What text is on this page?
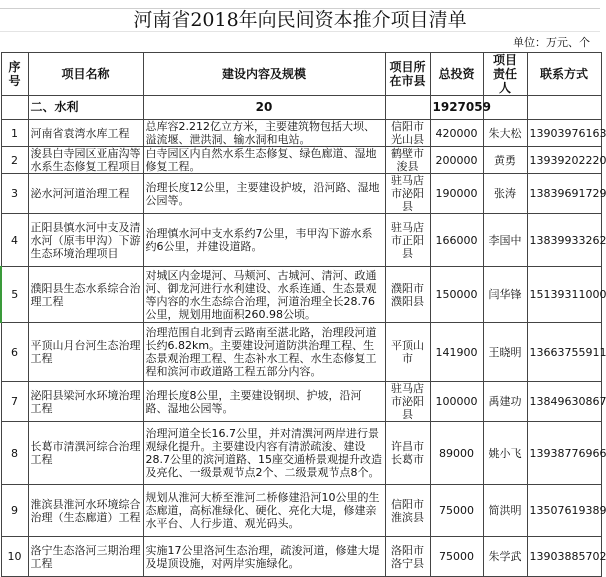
河南省2018年向民间资本推介项目清单
单位：万元、个
序号	项目名称	建设内容及规模	项目所在市县	总投资	项目责任人	联系方式
	二、水利	20		1927059		
1	河南省袁湾水库工程	总库容2.212亿立方米，主要建筑物包括大坝、溢流堰、泄洪洞、输水洞和电站。	信阳市光山县	420000	朱大松	13903976163
2	浚县白寺园区亚庙沟等水系生态修复工程项目	白寺园区内自然水系生态修复、绿色廊道、湿地修复工程。	鹤壁市浚县	200000	黄勇	13939202220
3	泌水河河道治理工程	治理长度12公里，主要建设护坡，沿河路、湿地公园等。	驻马店市泌阳县	190000	张涛	13839691729
4	正阳县慎水河中支及清水河（原韦甲沟）下游生态环境治理项目	治理慎水河中支水系约7公里，韦甲沟下游水系约6公里，并建设道路。	驻马店市正阳县	166000	李国中	13839933262
5	濮阳县生态水系综合治理工程	对城区内金堤河、马颊河、古城河、清河、政通河、御龙河进行水利建设、水系连通、生态景观等内容的水生态综合治理，河道治理全长28.76公里，规划用地面积260.98公顷。	濮阳市濮阳县	150000	闫华锋	15139311000
6	平顶山月台河生态治理工程	治理范围自北到青云路南至湛北路，治理段河道长约6.82km。主要建设河道防洪治理工程、生态景观治理工程、生态补水工程、水生态修复工程和滨河市政道路工程五部分内容。	平顶山市	141900	王晓明	13663755911
7	泌阳县梁河水环境治理工程	治理长度8公里，主要建设钢坝、护坡，沿河路、湿地公园等。	驻马店市泌阳县	100000	禹建功	13849630867
8	长葛市清潩河综合治理工程	治理河道全长16.7公里，并对清潩河两岸进行景观绿化提升。主要建设内容有清淤疏浚、建设28.7公里的滨河道路、15座交通桥景观提升改造及亮化、一级景观节点2个、二级景观节点8个。	许昌市长葛市	89000	姚小飞	13938776966
9	淮滨县淮河水环境综合治理（生态廊道）工程	规划从淮河大桥至淮河二桥修建沿河10公里的生态廊道，高标准绿化、硬化、亮化大堤，修建亲水平台、人行步道、观光码头。	信阳市淮滨县	75000	简洪明	13507619389
10	洛宁生态洛河三期治理工程	实施17公里洛河生态治理，疏浚河道，修建大堤及堤顶设施，对两岸实施绿化。	洛阳市洛宁县	75000	朱学武	13903885702
